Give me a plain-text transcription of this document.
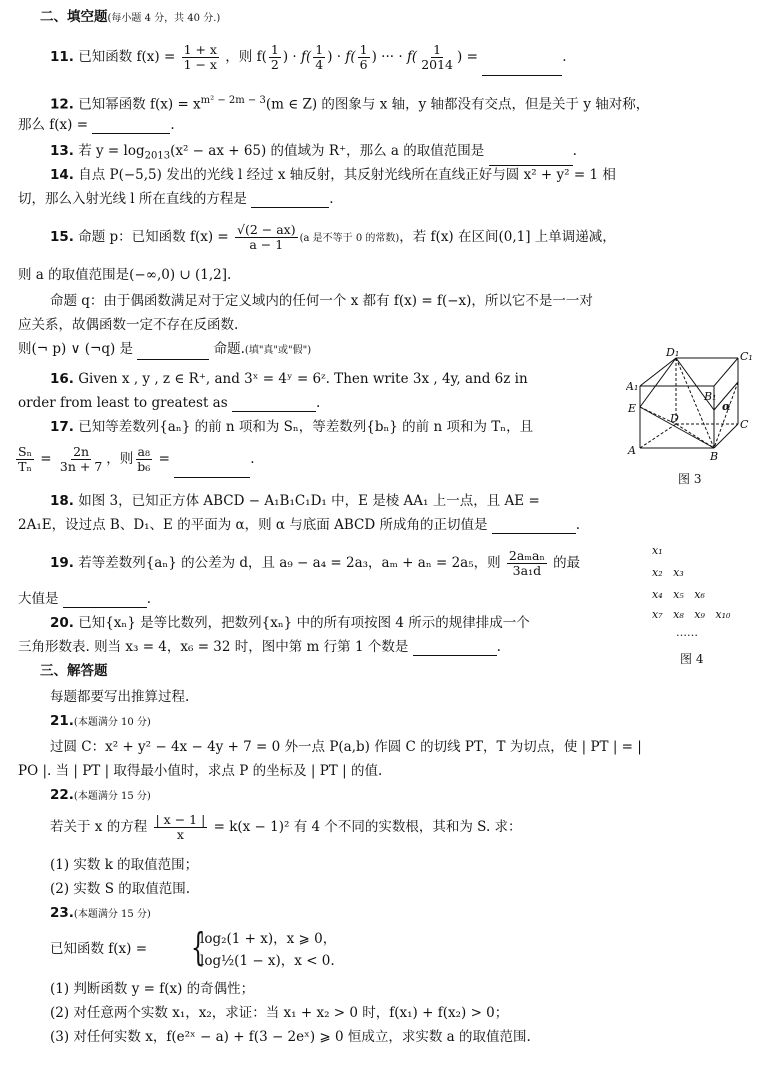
二、填空题(每小题 4 分，共 40 分.)
11. 已知函数 $f(x) = \frac{1 + x}{1 - x}$ ，则 $f( \frac{1}{2}$ ) · $f( \frac{1}{4}$ ) · $f( \frac{1}{6}$ ) ··· · $f( \frac{1}{2014}$ ) =	.
12. 已知幂函数 $f(x) = x^{m^2 - 2m - 3}(m$ ∈ Z) 的图象与 x 轴，y 轴都没有交点，但是关于 y 轴对称，
那么 f(x) =	.
13. 若 $y = \log_{2013}(x^2$ − ax + 65) 的值域为 R⁺，那么 a 的取值范围是	.
14. 自点 P(−5,5) 发出的光线 l 经过 x 轴反射，其反射光线所在直线正好与圆 x² + y² = 1 相
切，那么入射光线 l 所在直线的方程是	.
15. 命题 p：已知函数 $f(x) = \frac{√(2 - ax)}{a - 1} (a$ 是不等于 0 的常数)，若 f(x) 在区间(0,1] 上单调递减，
则 a 的取值范围是(−∞,0) ∪ (1,2].
命题 q：由于偶函数满足对于定义域内的任何一个 x 都有 f(x) = f(−x)，所以它不是一一对
应关系，故偶函数一定不存在反函数.
则(¬ p) ∨ (¬q) 是	命题.(填"真"或"假")	D₁	C₁
A₁
B₁
E
D	C
A	B
α
图 3
16. Given x , y , z ∈ R⁺, and 3ˣ = 4ʸ = 6ᶻ. Then write 3x , 4y, and 6z in
order from least to greatest as	.
17. 已知等差数列{aₙ} 的前 n 项和为 Sₙ，等差数列{bₙ} 的前 n 项和为 Tₙ，且
$\frac{\text{Sₙ}}{\text{Tₙ}} = \frac{2n}{3n + 7}$ ，则 $\frac{\text{a₈}}{\text{b₆}}$ =	.
18. 如图 3，已知正方体 ABCD − A₁B₁C₁D₁ 中，E 是棱 AA₁ 上一点，且 AE =
2A₁E，设过点 B、D₁、E 的平面为 α，则 α 与底面 ABCD 所成角的正切值是	.
19. 若等差数列{aₙ} 的公差为 d，且 a₉ − a₄ = 2a₃，aₘ + aₙ = 2a₅，则 $\frac{\text{2aₘaₙ}}{\text{3a₁d}}$ 的最
大值是	.
x₁
x₂ x₃
x₄ x₅ x₆
x₇ x₈ x₉ x₁₀
……
图 4
20. 已知{xₙ} 是等比数列，把数列{xₙ} 中的所有项按图 4 所示的规律排成一个
三角形数表. 则当 x₃ = 4，x₆ = 32 时，图中第 m 行第 1 个数是	.
三、解答题
每题都要写出推算过程.
21.(本题满分 10 分)
过圆 C：x² + y² − 4x − 4y + 7 = 0 外一点 P(a,b) 作圆 C 的切线 PT，T 为切点，使 | PT | = |
PO |. 当 | PT | 取得最小值时，求点 P 的坐标及 | PT | 的值.
22.(本题满分 15 分)
若关于 x 的方程 $\frac{| x - 1 |}{x} = k(x - 1)^2$ 有 4 个不同的实数根，其和为 S. 求：
(1) 实数 k 的取值范围；
(2) 实数 S 的取值范围.
23.(本题满分 15 分)
已知函数 f(x) = {
log₂(1 + x)，x ⩾ 0，
log½(1 − x)，x < 0.
(1) 判断函数 y = f(x) 的奇偶性；
(2) 对任意两个实数 x₁，x₂，求证：当 x₁ + x₂ > 0 时，f(x₁) + f(x₂) > 0；
(3) 对任何实数 x，f(e²ˣ − a) + f(3 − 2eˣ) ⩾ 0 恒成立，求实数 a 的取值范围.
